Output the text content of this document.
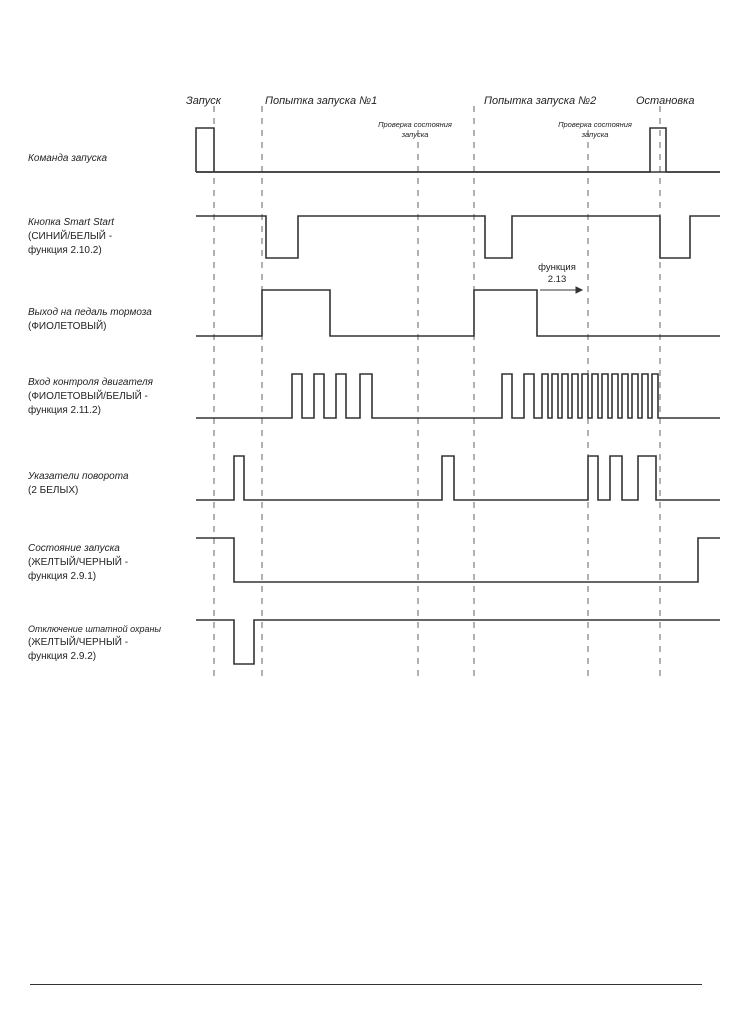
Запуск	Попытка запуска №1	Попытка запуска №2	Остановка
Проверка состояния
запуска
Проверка состояния
запуска
функция
2.13
Команда запуска
Кнопка Smart Start
(СИНИЙ/БЕЛЫЙ -
функция 2.10.2)
Выход на педаль тормоза
(ФИОЛЕТОВЫЙ)
Вход контроля двигателя
(ФИОЛЕТОВЫЙ/БЕЛЫЙ -
функция 2.11.2)
Указатели поворота
(2 БЕЛЫХ)
Состояние запуска
(ЖЕЛТЫЙ/ЧЕРНЫЙ -
функция 2.9.1)
Отключение штатной охраны
(ЖЕЛТЫЙ/ЧЕРНЫЙ -
функция 2.9.2)
